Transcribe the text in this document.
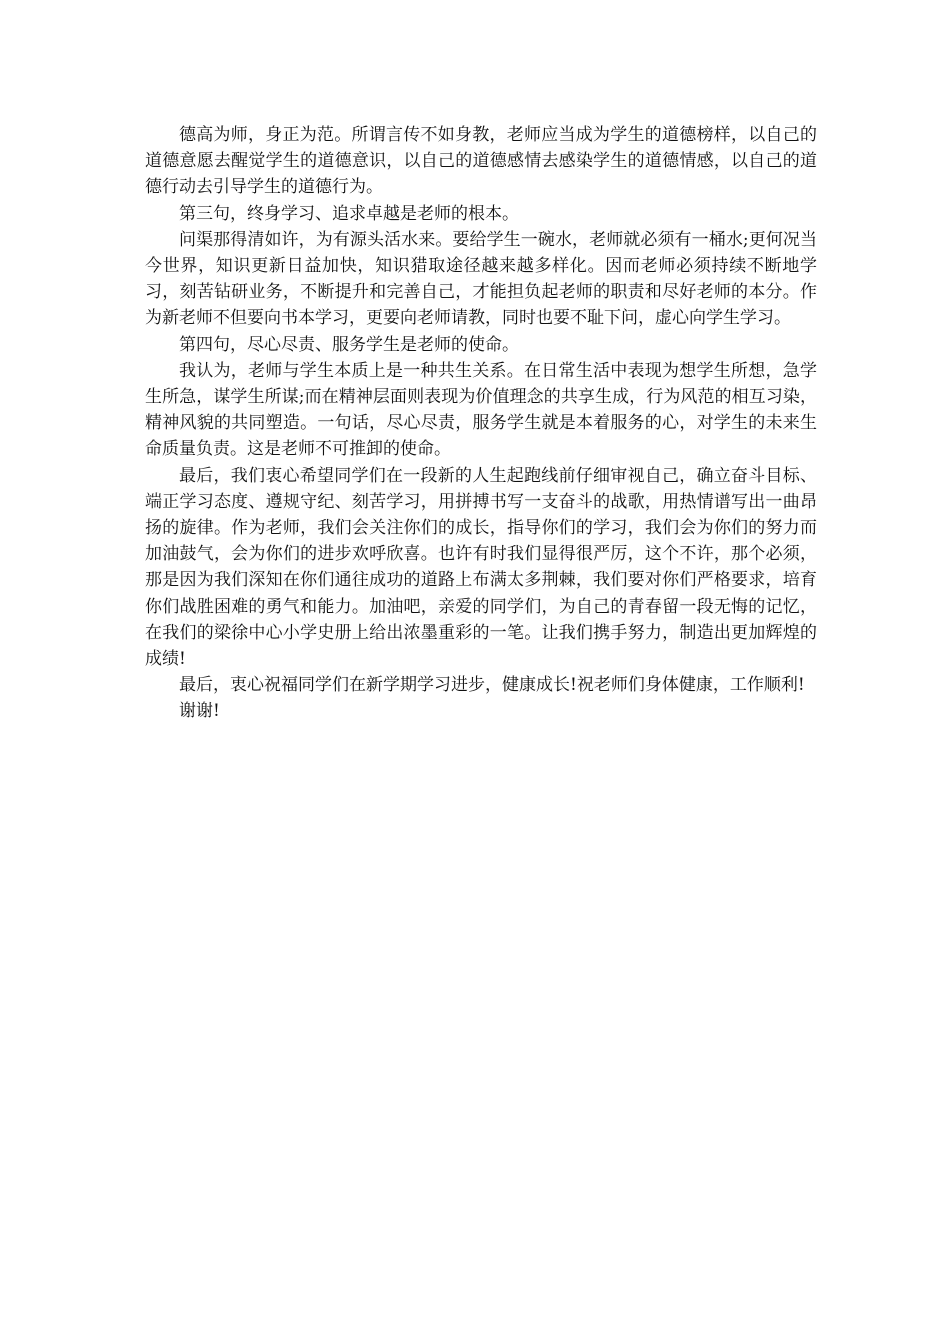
德高为师，身正为范。所谓言传不如身教，老师应当成为学生的道德榜样，以自己的道德意愿去醒觉学生的道德意识，以自己的道德感情去感染学生的道德情感，以自己的道德行动去引导学生的道德行为。

第三句，终身学习、追求卓越是老师的根本。

问渠那得清如许，为有源头活水来。要给学生一碗水，老师就必须有一桶水;更何况当今世界，知识更新日益加快，知识猎取途径越来越多样化。因而老师必须持续不断地学习，刻苦钻研业务，不断提升和完善自己，才能担负起老师的职责和尽好老师的本分。作为新老师不但要向书本学习，更要向老师请教，同时也要不耻下问，虚心向学生学习。

第四句，尽心尽责、服务学生是老师的使命。

我认为，老师与学生本质上是一种共生关系。在日常生活中表现为想学生所想，急学生所急，谋学生所谋;而在精神层面则表现为价值理念的共享生成，行为风范的相互习染，精神风貌的共同塑造。一句话，尽心尽责，服务学生就是本着服务的心，对学生的未来生命质量负责。这是老师不可推卸的使命。

最后，我们衷心希望同学们在一段新的人生起跑线前仔细审视自己，确立奋斗目标、端正学习态度、遵规守纪、刻苦学习，用拼搏书写一支奋斗的战歌，用热情谱写出一曲昂扬的旋律。作为老师，我们会关注你们的成长，指导你们的学习，我们会为你们的努力而加油鼓气，会为你们的进步欢呼欣喜。也许有时我们显得很严厉，这个不许，那个必须，那是因为我们深知在你们通往成功的道路上布满太多荆棘，我们要对你们严格要求，培育你们战胜困难的勇气和能力。加油吧，亲爱的同学们，为自己的青春留一段无悔的记忆，在我们的梁徐中心小学史册上给出浓墨重彩的一笔。让我们携手努力，制造出更加辉煌的成绩!

最后，衷心祝福同学们在新学期学习进步，健康成长!祝老师们身体健康，工作顺利!

谢谢!
